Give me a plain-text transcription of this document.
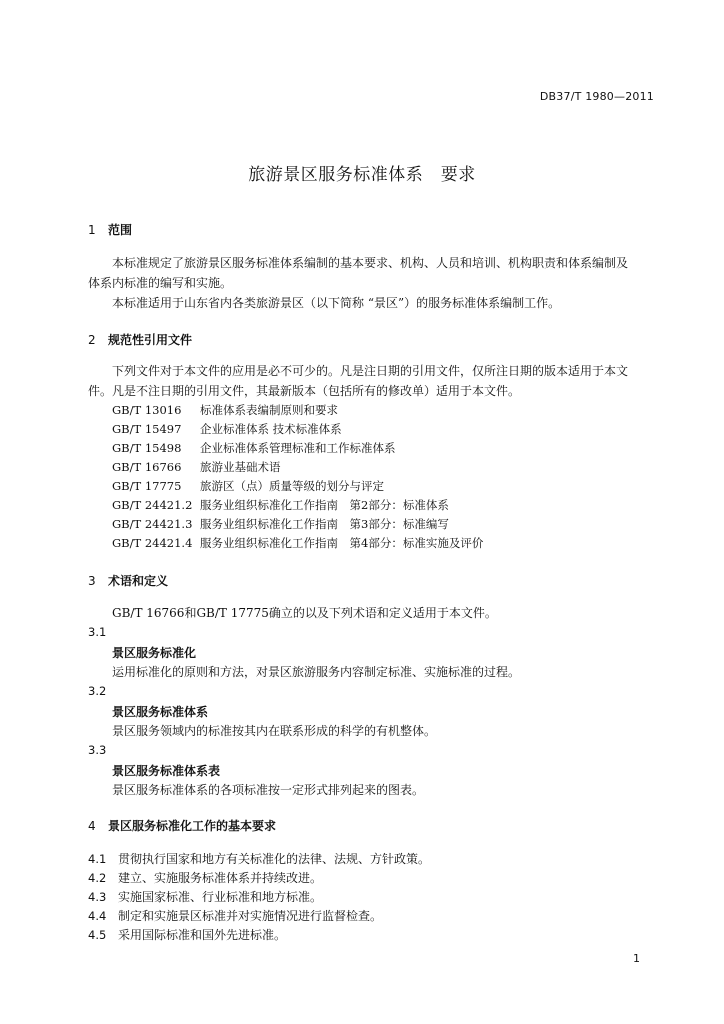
DB37/T 1980—2011
旅游景区服务标准体系　要求
1 范围
本标准规定了旅游景区服务标准体系编制的基本要求、机构、人员和培训、机构职责和体系编制及
体系内标准的编写和实施。
本标准适用于山东省内各类旅游景区（以下简称 “景区”）的服务标准体系编制工作。
2 规范性引用文件
下列文件对于本文件的应用是必不可少的。凡是注日期的引用文件，仅所注日期的版本适用于本文
件。凡是不注日期的引用文件，其最新版本（包括所有的修改单）适用于本文件。
GB/T 13016 标准体系表编制原则和要求
GB/T 15497 企业标准体系 技术标准体系
GB/T 15498 企业标准体系管理标准和工作标准体系
GB/T 16766 旅游业基础术语
GB/T 17775 旅游区（点）质量等级的划分与评定
GB/T 24421.2 服务业组织标准化工作指南　第2部分：标准体系
GB/T 24421.3 服务业组织标准化工作指南　第3部分：标准编写
GB/T 24421.4 服务业组织标准化工作指南　第4部分：标准实施及评价
3 术语和定义
GB/T 16766和GB/T 17775确立的以及下列术语和定义适用于本文件。
3.1
景区服务标准化
运用标准化的原则和方法，对景区旅游服务内容制定标准、实施标准的过程。
3.2
景区服务标准体系
景区服务领域内的标准按其内在联系形成的科学的有机整体。
3.3
景区服务标准体系表
景区服务标准体系的各项标准按一定形式排列起来的图表。
4 景区服务标准化工作的基本要求
4.1 贯彻执行国家和地方有关标准化的法律、法规、方针政策。
4.2 建立、实施服务标准体系并持续改进。
4.3 实施国家标准、行业标准和地方标准。
4.4 制定和实施景区标准并对实施情况进行监督检查。
4.5 采用国际标准和国外先进标准。
1
